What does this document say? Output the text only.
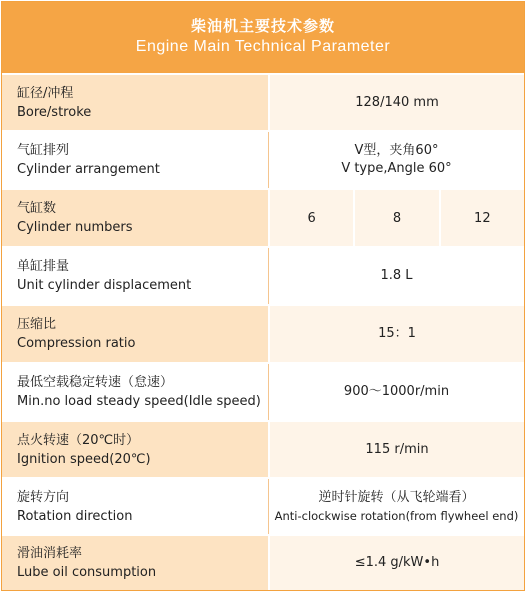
柴油机主要技术参数
Engine Main Technical Parameter
缸径/冲程
Bore/stroke
128/140 mm
气缸排列
Cylinder arrangement
V型，夹角60°
V type,Angle 60°
气缸数
Cylinder numbers
6	8	12
单缸排量
Unit cylinder displacement
1.8 L
压缩比
Compression ratio
15：1
最低空载稳定转速（怠速）
Min.no load steady speed(Idle speed)
900～1000r/min
点火转速（20℃时）
Ignition speed(20℃)
115 r/min
旋转方向
Rotation direction
逆时针旋转（从飞轮端看）
Anti-clockwise rotation(from flywheel end)
滑油消耗率
Lube oil consumption
≤1.4 g/kW•h
